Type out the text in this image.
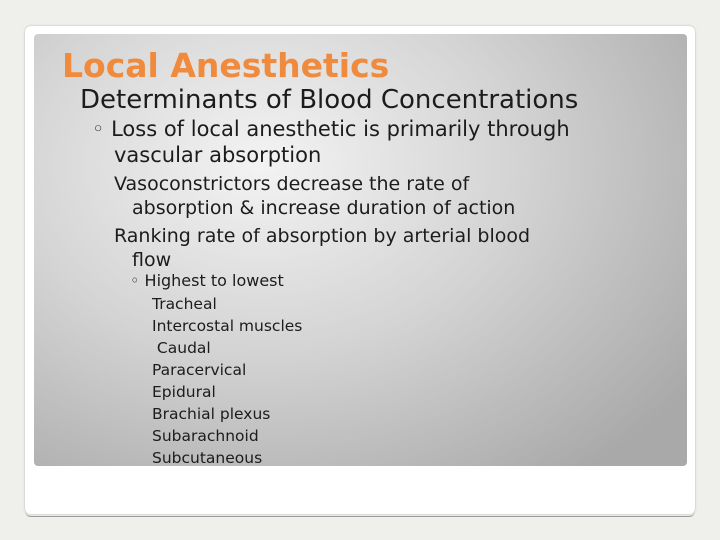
Local Anesthetics
Determinants of Blood Concentrations
◦ Loss of local anesthetic is primarily through
vascular absorption
Vasoconstrictors decrease the rate of
absorption & increase duration of action
Ranking rate of absorption by arterial blood
flow
◦ Highest to lowest
Tracheal
Intercostal muscles
Caudal
Paracervical
Epidural
Brachial plexus
Subarachnoid
Subcutaneous
